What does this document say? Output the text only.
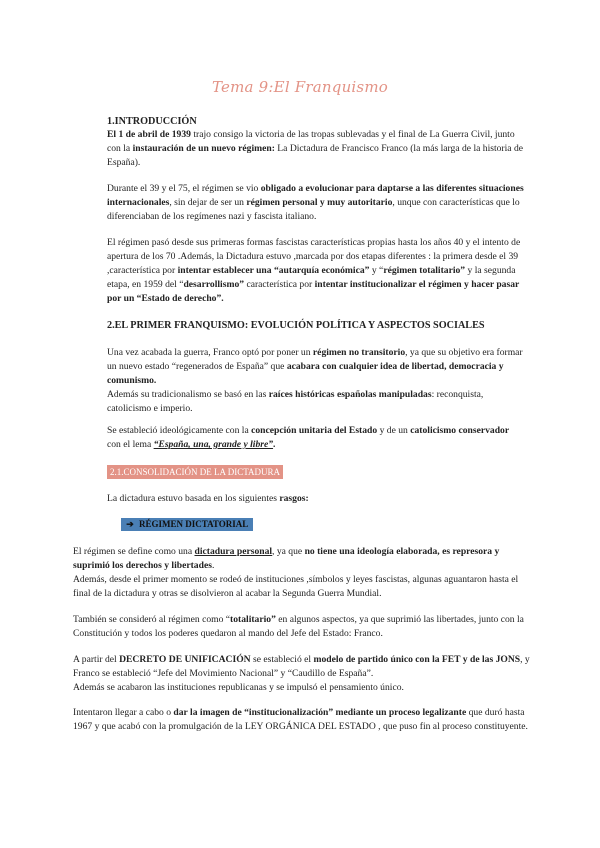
Tema 9:El Franquismo
1.INTRODUCCIÓN

El 1 de abril de 1939 trajo consigo la victoria de las tropas sublevadas y el final de La Guerra Civil, junto con la instauración de un nuevo régimen: La Dictadura de Francisco Franco (la más larga de la historia de España).

Durante el 39 y el 75, el régimen se vio obligado a evolucionar para daptarse a las diferentes situaciones internacionales, sin dejar de ser un régimen personal y muy autoritario, unque con características que lo diferenciaban de los regímenes nazi y fascista italiano.

El régimen pasó desde sus primeras formas fascistas características propias hasta los años 40 y el intento de apertura de los 70 .Además, la Dictadura estuvo ,marcada por dos etapas diferentes : la primera desde el 39 ,característica por intentar establecer una “autarquía económica” y “régimen totalitario” y la segunda etapa, en 1959 del “desarrollismo” característica por intentar institucionalizar el régimen y hacer pasar por un “Estado de derecho”.

2.EL PRIMER FRANQUISMO: EVOLUCIÓN POLÍTICA Y ASPECTOS SOCIALES

Una vez acabada la guerra, Franco optó por poner un régimen no transitorio, ya que su objetivo era formar un nuevo estado “regenerados de España” que acabara con cualquier idea de libertad, democracia y comunismo.

Además su tradicionalismo se basó en las raíces históricas españolas manipuladas: reconquista, catolicismo e imperio.

Se estableció ideológicamente con la concepción unitaria del Estado y de un catolicismo conservador con el lema “España, una, grande y libre”.

2.1.CONSOLIDACIÓN DE LA DICTADURA

La dictadura estuvo basada en los siguientes rasgos:

➔ RÉGIMEN DICTATORIAL

El régimen se define como una dictadura personal, ya que no tiene una ideología elaborada, es represora y suprimió los derechos y libertades.

Además, desde el primer momento se rodeó de instituciones ,símbolos y leyes fascistas, algunas aguantaron hasta el final de la dictadura y otras se disolvieron al acabar la Segunda Guerra Mundial.

También se consideró al régimen como “totalitario” en algunos aspectos, ya que suprimió las libertades, junto con la Constitución y todos los poderes quedaron al mando del Jefe del Estado: Franco.

A partir del DECRETO DE UNIFICACIÓN se estableció el modelo de partido único con la FET y de las JONS, y Franco se estableció “Jefe del Movimiento Nacional” y “Caudillo de España”.

Además se acabaron las instituciones republicanas y se impulsó el pensamiento único.

Intentaron llegar a cabo o dar la imagen de “institucionalización” mediante un proceso legalizante que duró hasta 1967 y que acabó con la promulgación de la LEY ORGÁNICA DEL ESTADO , que puso fin al proceso constituyente.
